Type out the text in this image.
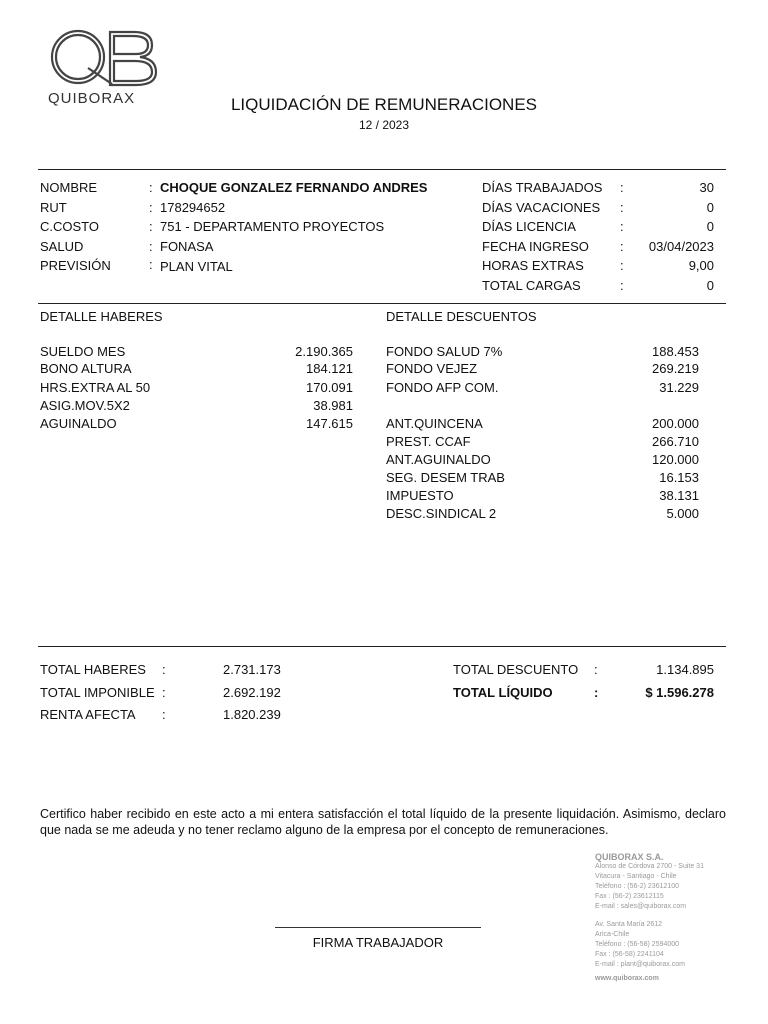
QUIBORAX	LIQUIDACIÓN DE REMUNERACIONES
12 / 2023
NOMBRE	: CHOQUE GONZALEZ FERNANDO ANDRES
RUT	: 178294652
C.COSTO	: 751 - DEPARTAMENTO PROYECTOS
SALUD	: FONASA
PREVISIÓN	: PLAN VITAL
DÍAS TRABAJADOS :	30
DÍAS VACACIONES :	0
DÍAS LICENCIA	:	0
FECHA INGRESO :	03/04/2023
HORAS EXTRAS	:	9,00
TOTAL CARGAS	:	0
DETALLE HABERES
SUELDO MES	2.190.365
BONO ALTURA	184.121
HRS.EXTRA AL 50	170.091
ASIG.MOV.5X2	38.981
AGUINALDO	147.615
DETALLE DESCUENTOS
FONDO SALUD 7%	188.453
FONDO VEJEZ	269.219
FONDO AFP COM.	31.229
ANT.QUINCENA	200.000
PREST. CCAF	266.710
ANT.AGUINALDO	120.000
SEG. DESEM TRAB	16.153
IMPUESTO	38.131
DESC.SINDICAL 2	5.000
TOTAL HABERES :	2.731.173
TOTAL IMPONIBLE :	2.692.192
RENTA AFECTA :	1.820.239
TOTAL DESCUENTO :	1.134.895
TOTAL LÍQUIDO	:	$ 1.596.278
Certifico haber recibido en este acto a mi entera satisfacción el total líquido de la presente liquidación. Asimismo, declaro que nada se me adeuda y no tener reclamo alguno de la empresa por el concepto de remuneraciones.
QUIBORAX S.A.
Alonso de Córdova 2700 - Suite 31
Vitacura - Santiago - Chile
Teléfono : (56-2) 23612100
Fax : (56-2) 23612115
E-mail : sales@quiborax.com
Av. Santa María 2612
Arica-Chile
Teléfono : (56-58) 2594000
Fax : (56-58) 2241104
E-mail : plant@quiborax.com
www.quiborax.com
FIRMA TRABAJADOR
